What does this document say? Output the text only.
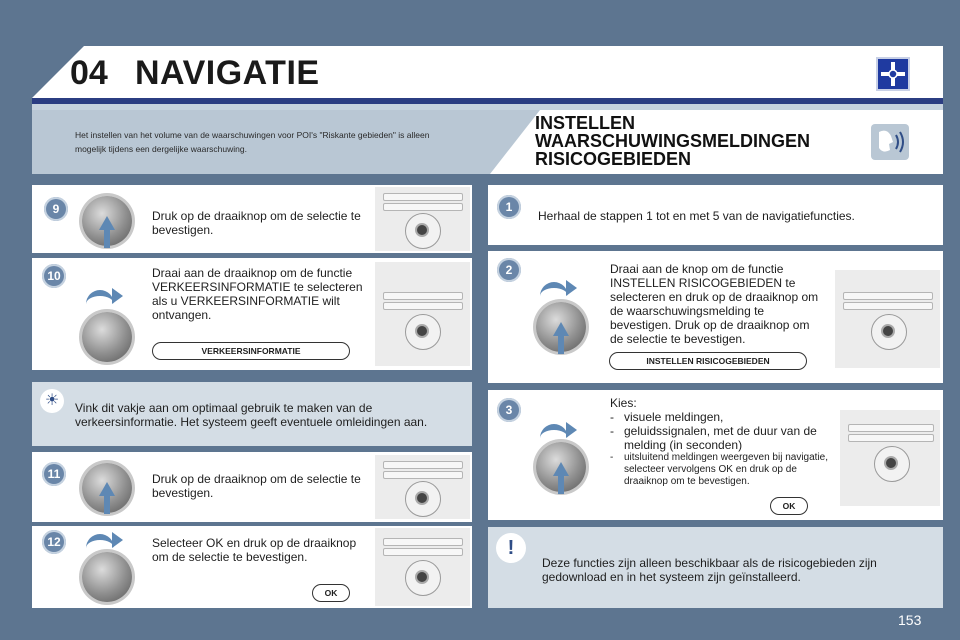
04 NAVIGATIE
Het instellen van het volume van de waarschuwingen voor POI's "Riskante gebieden" is alleen mogelijk tijdens een dergelijke waarschuwing.
INSTELLEN
WAARSCHUWINGSMELDINGEN
RISICOGEBIEDEN
9	Druk op de draaiknop om de selectie te bevestigen.
10	Draai aan de draaiknop om de functie VERKEERSINFORMATIE te selecteren als u VERKEERSINFORMATIE wilt ontvangen.
VERKEERSINFORMATIE
☀	Vink dit vakje aan om optimaal gebruik te maken van de verkeersinformatie. Het systeem geeft eventuele omleidingen aan.
11	Druk op de draaiknop om de selectie te bevestigen.
12	Selecteer OK en druk op de draaiknop om de selectie te bevestigen.
OK
1
Herhaal de stappen 1 tot en met 5 van de navigatiefuncties.
2	Draai aan de knop om de functie INSTELLEN RISICOGEBIEDEN te selecteren en druk op de draaiknop om de waarschuwingsmelding te bevestigen. Druk op de draaiknop om de selectie te bevestigen.
INSTELLEN RISICOGEBIEDEN
3	Kies:
- visuele meldingen,
- geluidssignalen, met de duur van de melding (in seconden)
- uitsluitend meldingen weergeven bij navigatie, selecteer vervolgens OK en druk op de draaiknop om te bevestigen.
OK
!
Deze functies zijn alleen beschikbaar als de risicogebieden zijn gedownload en in het systeem zijn geïnstalleerd.
153
